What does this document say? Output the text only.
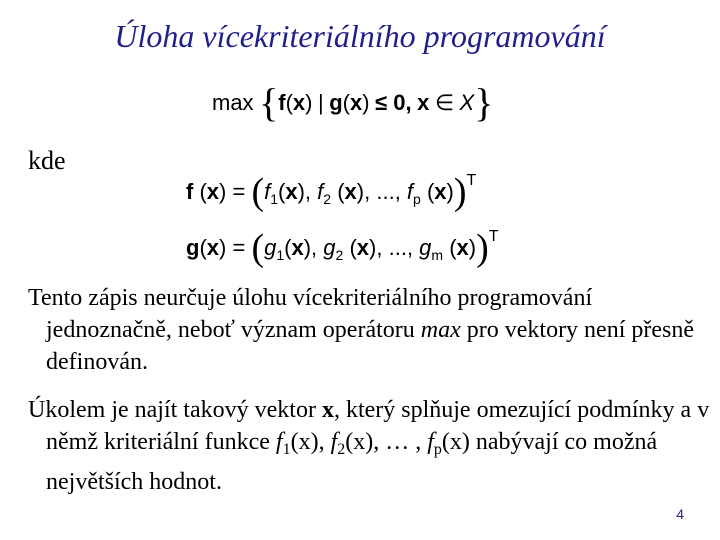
Úloha vícekriteriálního programování
max {f(x) | g(x) ≤ 0, x ∈ X}
kde
f $(x) = (f_1(x)$, $f_2$ (x), ..., $f_p$ (x))$^T$
$g(x) = (g_1(x)$, $g_2$ (x), ..., $g_m$ (x))$^T$
Tento zápis neurčuje úlohu vícekriteriálního programování jednoznačně, neboť význam operátoru max pro vektory není přesně definován.
Úkolem je najít takový vektor x, který splňuje omezující podmínky a v němž kriteriální funkce $f_1(x)$, $f_2(x)$, … , $f_p(x)$ nabývají co možná největších hodnot.
4
